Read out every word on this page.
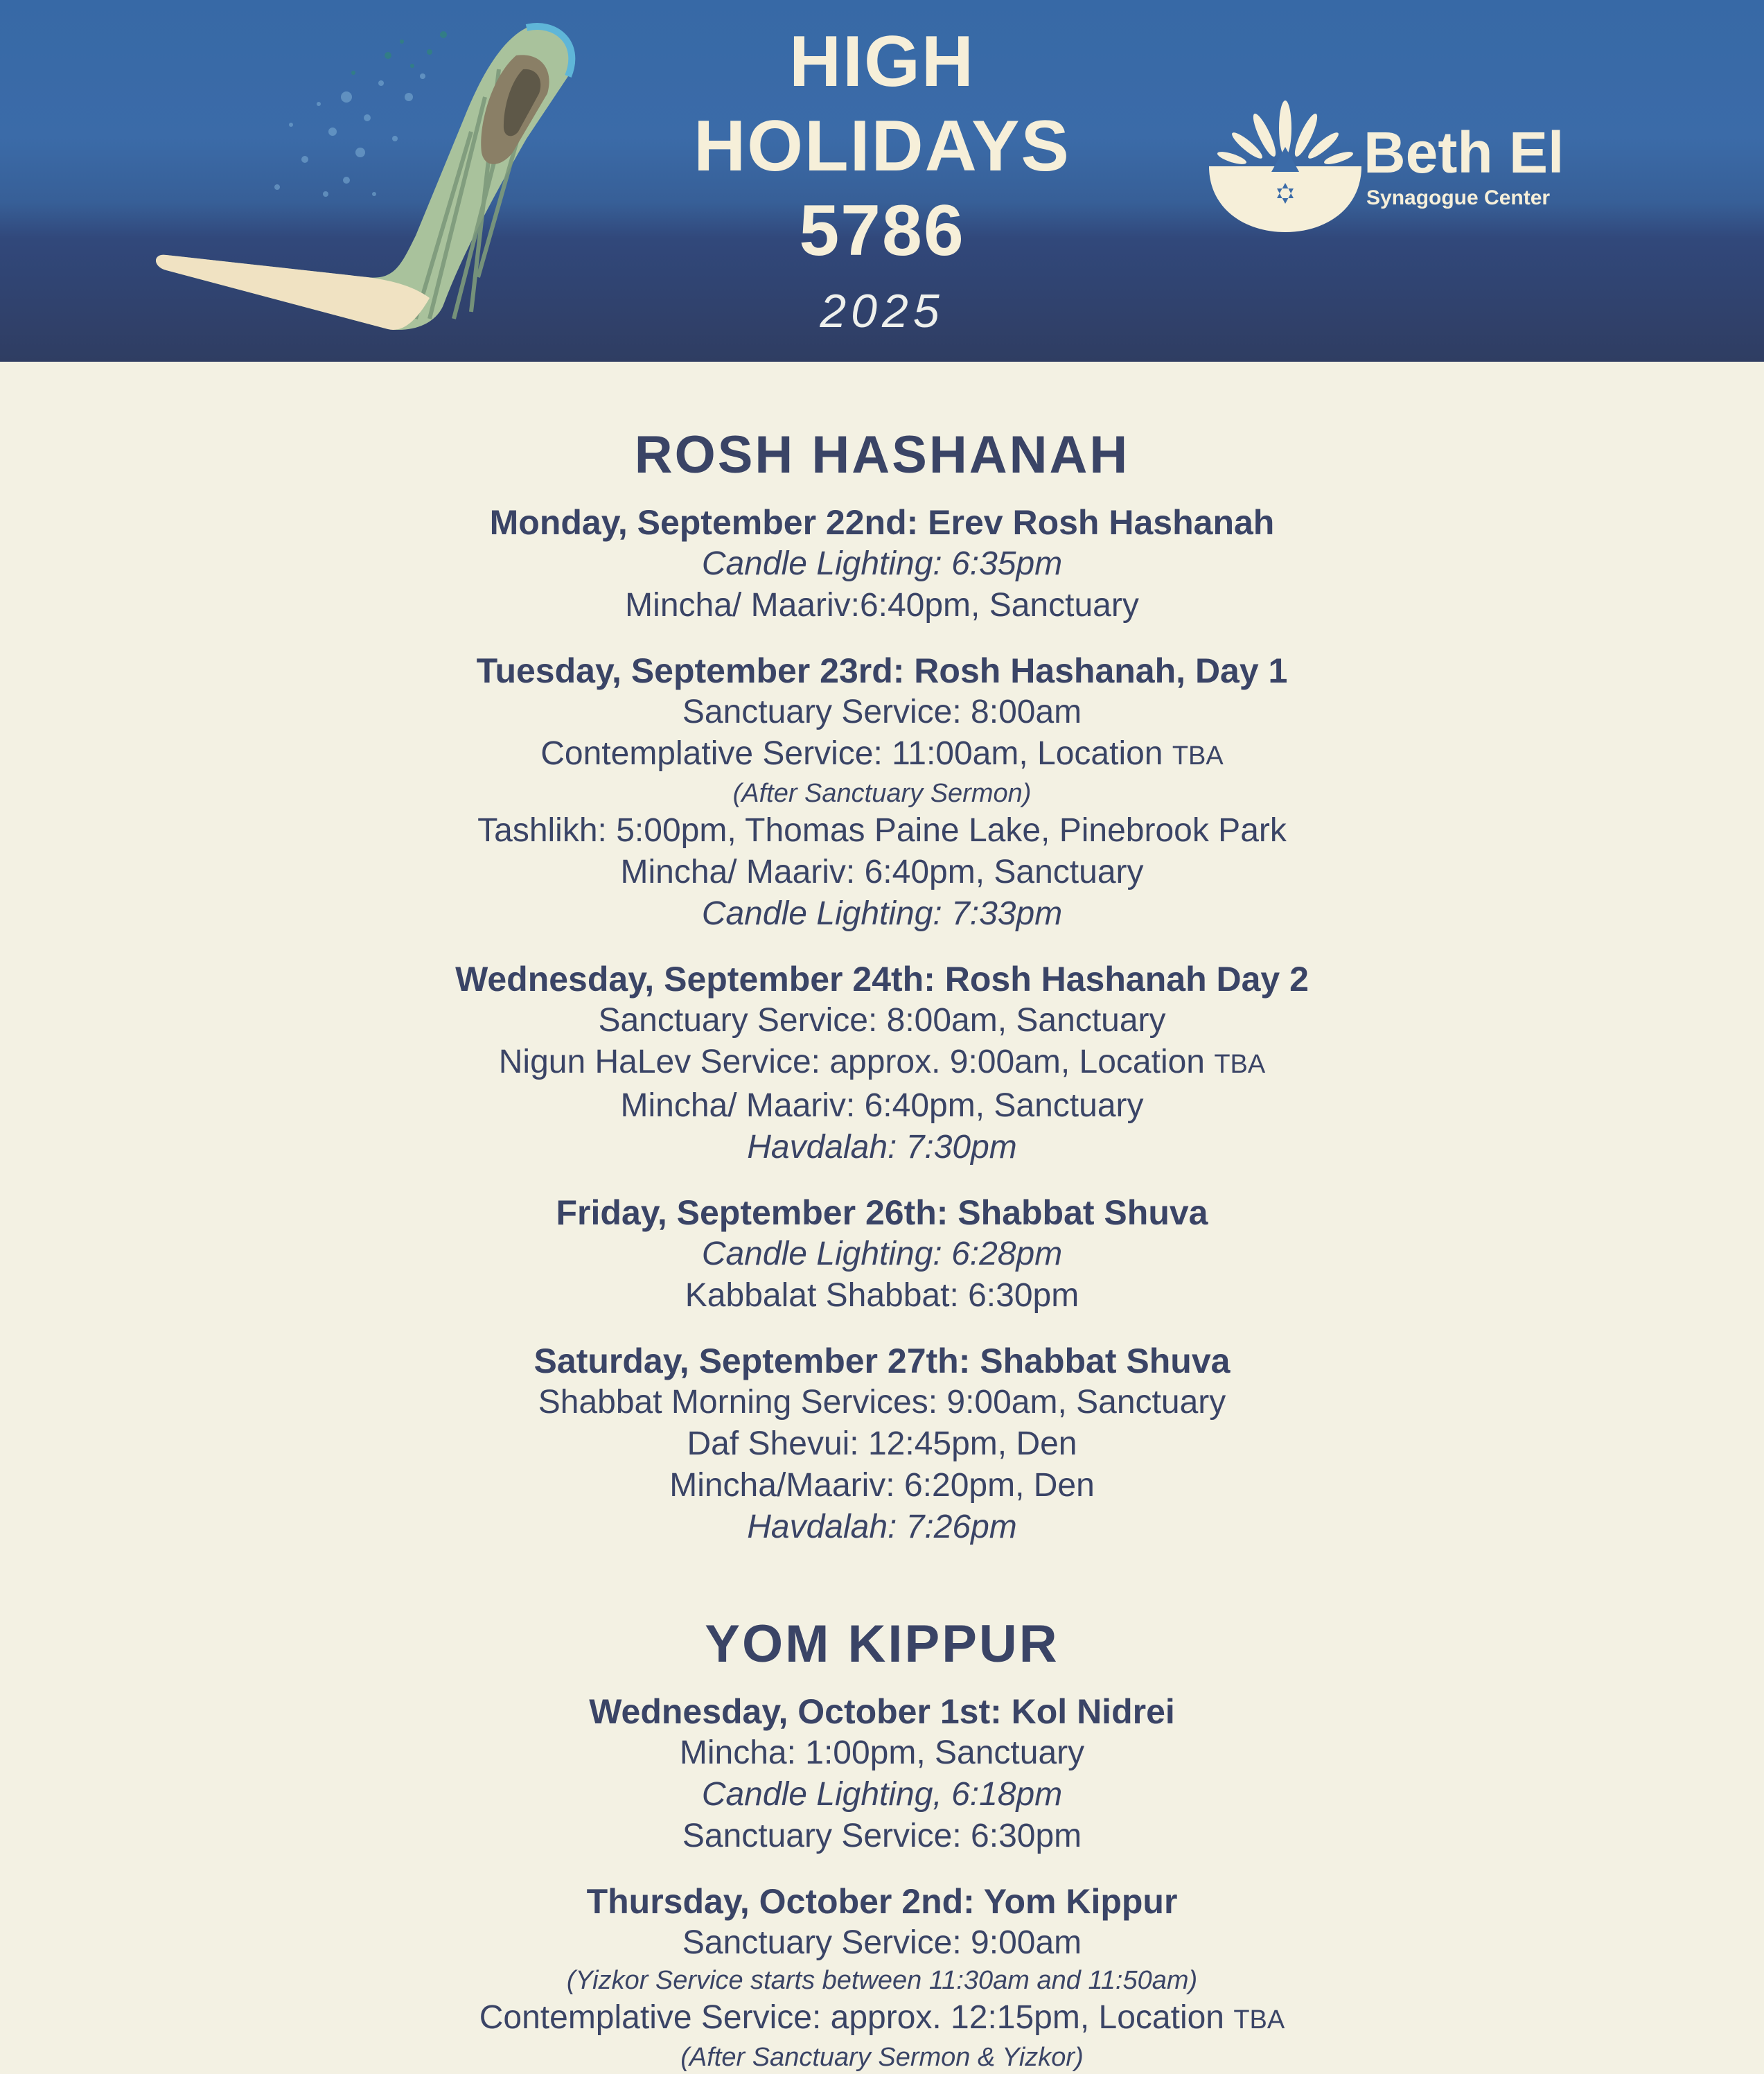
HIGH
HOLIDAYS
5786
2025
Beth El
Synagogue Center
ROSH HASHANAH
Monday, September 22nd: Erev Rosh Hashanah
Candle Lighting: 6:35pm
Mincha/ Maariv:6:40pm, Sanctuary
Tuesday, September 23rd: Rosh Hashanah, Day 1
Sanctuary Service: 8:00am
Contemplative Service: 11:00am, Location TBA
(After Sanctuary Sermon)
Tashlikh: 5:00pm, Thomas Paine Lake, Pinebrook Park
Mincha/ Maariv: 6:40pm, Sanctuary
Candle Lighting: 7:33pm
Wednesday, September 24th: Rosh Hashanah Day 2
Sanctuary Service: 8:00am, Sanctuary
Nigun HaLev Service: approx. 9:00am, Location TBA
Mincha/ Maariv: 6:40pm, Sanctuary
Havdalah: 7:30pm
Friday, September 26th: Shabbat Shuva
Candle Lighting: 6:28pm
Kabbalat Shabbat: 6:30pm
Saturday, September 27th: Shabbat Shuva
Shabbat Morning Services: 9:00am, Sanctuary
Daf Shevui: 12:45pm, Den
Mincha/Maariv: 6:20pm, Den
Havdalah: 7:26pm
YOM KIPPUR
Wednesday, October 1st: Kol Nidrei
Mincha: 1:00pm, Sanctuary
Candle Lighting, 6:18pm
Sanctuary Service: 6:30pm
Thursday, October 2nd: Yom Kippur
Sanctuary Service: 9:00am
(Yizkor Service starts between 11:30am and 11:50am)
Contemplative Service: approx. 12:15pm, Location TBA
(After Sanctuary Sermon & Yizkor)
